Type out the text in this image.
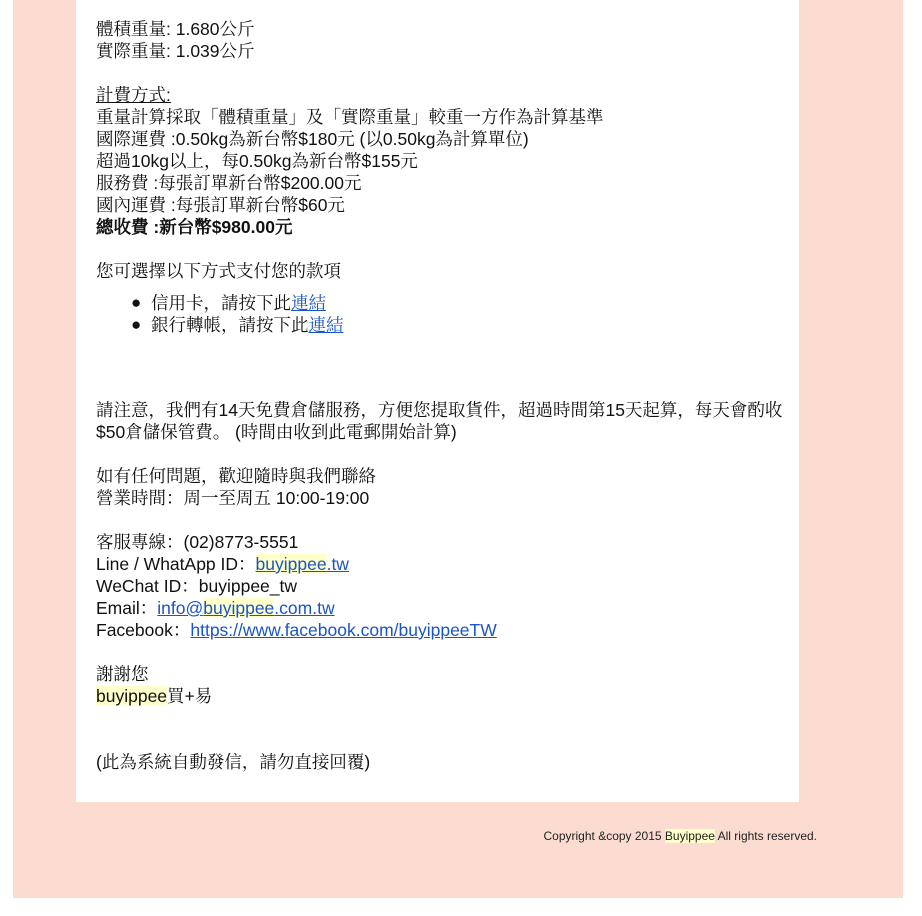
體積重量: 1.680公斤
實際重量: 1.039公斤
計費方式:
重量計算採取「體積重量」及「實際重量」較重一方作為計算基準
國際運費 :0.50kg為新台幣$180元 (以0.50kg為計算單位)
超過10kg以上，每0.50kg為新台幣$155元
服務費 :每張訂單新台幣$200.00元
國內運費 :每張訂單新台幣$60元
總收費 :新台幣$980.00元
您可選擇以下方式支付您的款項
● 信用卡，請按下此連結
● 銀行轉帳，請按下此連結
請注意，我們有14天免費倉儲服務，方便您提取貨件，超過時間第15天起算，每天會酌收$50倉儲保管費。 (時間由收到此電郵開始計算)
如有任何問題，歡迎隨時與我們聯絡
營業時間：周一至周五 10:00-19:00
客服專線：(02)8773-5551
Line / WhatApp ID：buyippee.tw
WeChat ID：buyippee_tw
Email：info@buyippee.com.tw
Facebook：https://www.facebook.com/buyippeeTW
謝謝您
buyippee買+易
(此為系統自動發信，請勿直接回覆)
Copyright &copy 2015 Buyippee All rights reserved.
